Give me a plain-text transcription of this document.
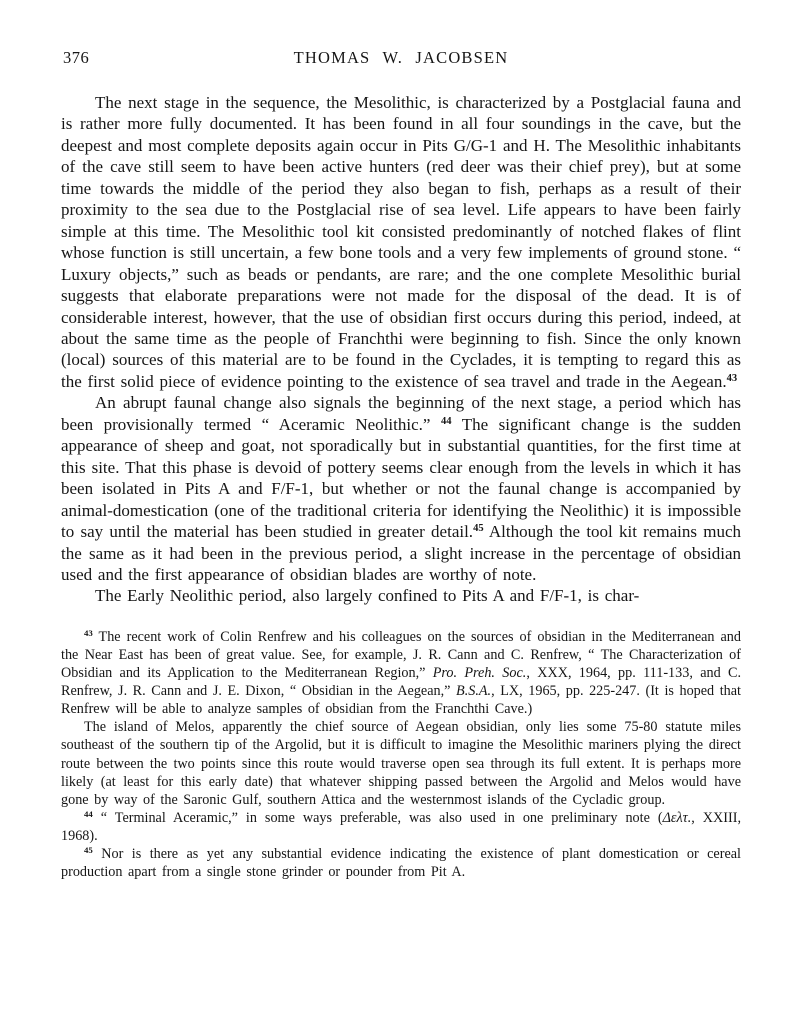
376	THOMAS W. JACOBSEN

The next stage in the sequence, the Mesolithic, is characterized by a Postglacial fauna and is rather more fully documented. It has been found in all four soundings in the cave, but the deepest and most complete deposits again occur in Pits G/G-1 and H. The Mesolithic inhabitants of the cave still seem to have been active hunters (red deer was their chief prey), but at some time towards the middle of the period they also began to fish, perhaps as a result of their proximity to the sea due to the Postglacial rise of sea level. Life appears to have been fairly simple at this time. The Mesolithic tool kit consisted predominantly of notched flakes of flint whose function is still uncertain, a few bone tools and a very few implements of ground stone. “ Luxury objects,” such as beads or pendants, are rare; and the one complete Mesolithic burial suggests that elaborate preparations were not made for the disposal of the dead. It is of considerable interest, however, that the use of obsidian first occurs during this period, indeed, at about the same time as the people of Franchthi were beginning to fish. Since the only known (local) sources of this material are to be found in the Cyclades, it is tempting to regard this as the first solid piece of evidence pointing to the existence of sea travel and trade in the Aegean.$^{43}$

An abrupt faunal change also signals the beginning of the next stage, a period which has been provisionally termed “ Aceramic Neolithic.” $^{44}$ The significant change is the sudden appearance of sheep and goat, not sporadically but in substantial quantities, for the first time at this site. That this phase is devoid of pottery seems clear enough from the levels in which it has been isolated in Pits A and F/F-1, but whether or not the faunal change is accompanied by animal-domestication (one of the traditional criteria for identifying the Neolithic) it is impossible to say until the material has been studied in greater detail.$^{45}$ Although the tool kit remains much the same as it had been in the previous period, a slight increase in the percentage of obsidian used and the first appearance of obsidian blades are worthy of note.

The Early Neolithic period, also largely confined to Pits A and F/F-1, is char-

$^{43}$ The recent work of Colin Renfrew and his colleagues on the sources of obsidian in the Mediterranean and the Near East has been of great value. See, for example, J. R. Cann and C. Renfrew, “ The Characterization of Obsidian and its Application to the Mediterranean Region,” Pro. Preh. Soc., XXX, 1964, pp. 111-133, and C. Renfrew, J. R. Cann and J. E. Dixon, “ Obsidian in the Aegean,” B.S.A., LX, 1965, pp. 225-247. (It is hoped that Renfrew will be able to analyze samples of obsidian from the Franchthi Cave.)

The island of Melos, apparently the chief source of Aegean obsidian, only lies some 75-80 statute miles southeast of the southern tip of the Argolid, but it is difficult to imagine the Mesolithic mariners plying the direct route between the two points since this route would traverse open sea through its full extent. It is perhaps more likely (at least for this early date) that whatever shipping passed between the Argolid and Melos would have gone by way of the Saronic Gulf, southern Attica and the westernmost islands of the Cycladic group.

$^{44}$ “ Terminal Aceramic,” in some ways preferable, was also used in one preliminary note (Δελτ., XXIII, 1968).

$^{45}$ Nor is there as yet any substantial evidence indicating the existence of plant domestication or cereal production apart from a single stone grinder or pounder from Pit A.
